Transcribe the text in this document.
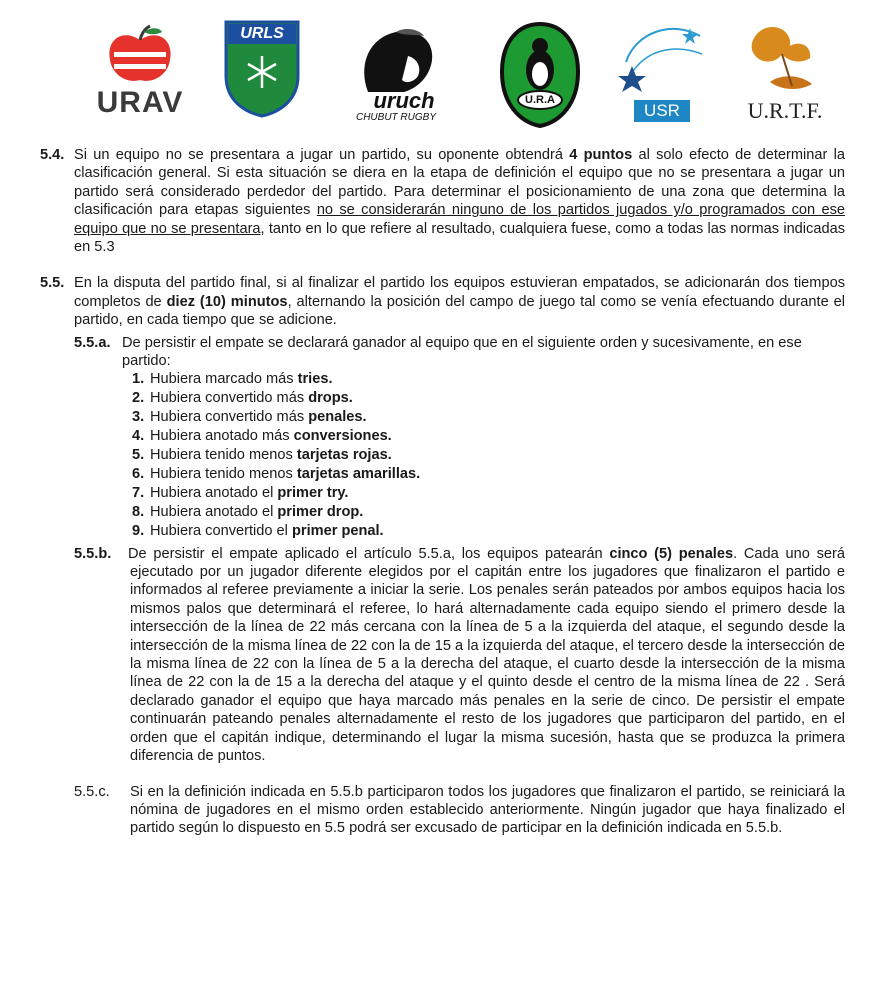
URAV
URLS
uruch
CHUBUT RUGBY
U.R.A
USR	U.R.T.F.
5.4. Si un equipo no se presentara a jugar un partido, su oponente obtendrá 4 puntos al solo efecto de determinar la clasificación general. Si esta situación se diera en la etapa de definición el equipo que no se presentara a jugar un partido será considerado perdedor del partido. Para determinar el posicionamiento de una zona que determina la clasificación para etapas siguientes no se considerarán ninguno de los partidos jugados y/o programados con ese equipo que no se presentara, tanto en lo que refiere al resultado, cualquiera fuese, como a todas las normas indicadas en 5.3
5.5. En la disputa del partido final, si al finalizar el partido los equipos estuvieran empatados, se adicionarán dos tiempos completos de diez (10) minutos, alternando la posición del campo de juego tal como se venía efectuando durante el partido, en cada tiempo que se adicione.
5.5.a. De persistir el empate se declarará ganador al equipo que en el siguiente orden y sucesivamente, en ese partido:
1. Hubiera marcado más tries.
2. Hubiera convertido más drops.
3. Hubiera convertido más penales.
4. Hubiera anotado más conversiones.
5. Hubiera tenido menos tarjetas rojas.
6. Hubiera tenido menos tarjetas amarillas.
7. Hubiera anotado el primer try.
8. Hubiera anotado el primer drop.
9. Hubiera convertido el primer penal.
5.5.b. De persistir el empate aplicado el artículo 5.5.a, los equipos patearán cinco (5) penales. Cada uno será ejecutado por un jugador diferente elegidos por el capitán entre los jugadores que finalizaron el partido e informados al referee previamente a iniciar la serie. Los penales serán pateados por ambos equipos hacia los mismos palos que determinará el referee, lo hará alternadamente cada equipo siendo el primero desde la intersección de la línea de 22 más cercana con la línea de 5 a la izquierda del ataque, el segundo desde la intersección de la misma línea de 22 con la de 15 a la izquierda del ataque, el tercero desde la intersección de la misma línea de 22 con la línea de 5 a la derecha del ataque, el cuarto desde la intersección de la misma línea de 22 con la de 15 a la derecha del ataque y el quinto desde el centro de la misma línea de 22 . Será declarado ganador el equipo que haya marcado más penales en la serie de cinco. De persistir el empate continuarán pateando penales alternadamente el resto de los jugadores que participaron del partido, en el orden que el capitán indique, determinando el lugar la misma sucesión, hasta que se produzca la primera diferencia de puntos.
5.5.c. Si en la definición indicada en 5.5.b participaron todos los jugadores que finalizaron el partido, se reiniciará la nómina de jugadores en el mismo orden establecido anteriormente. Ningún jugador que haya finalizado el partido según lo dispuesto en 5.5 podrá ser excusado de participar en la definición indicada en 5.5.b.
